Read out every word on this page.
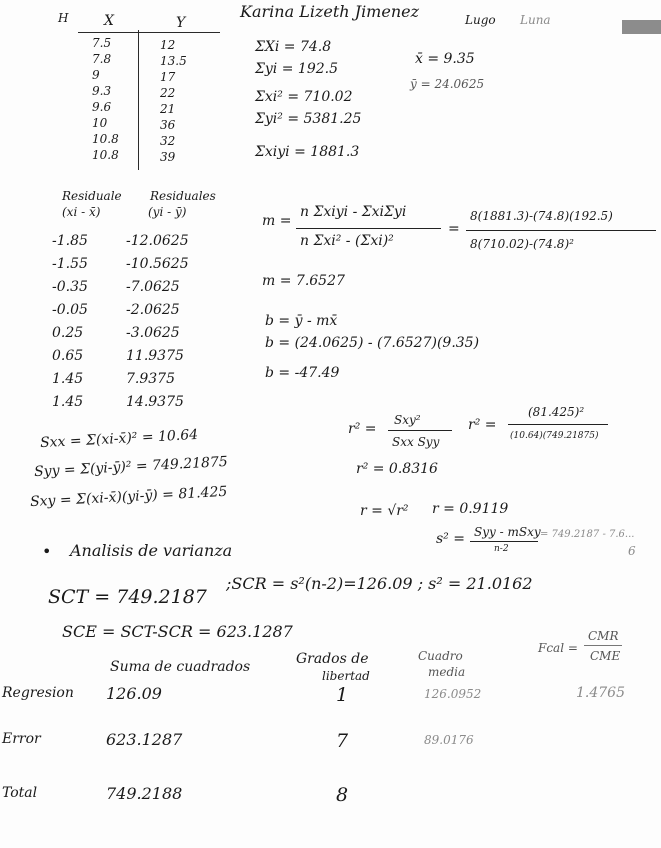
Karina Lizeth Jimenez	Lugo Luna
H	X	Y
7.5	12
7.8	13.5
9	17
9.3	22
9.6	21
10	36
10.8	32
10.8	39
ΣXi = 74.8
Σyi = 192.5
Σxi² = 710.02
Σyi² = 5381.25
Σxiyi = 1881.3
x̄ = 9.35
ȳ = 24.0625
Residuale
(xi - x̄)
Residuales
(yi - ȳ)
-1.85	-12.0625
-1.55	-10.5625
-0.35	-7.0625
-0.05	-2.0625
0.25	-3.0625
0.65	11.9375
1.45	7.9375
1.45	14.9375
m =
n Σxiyi - ΣxiΣyi
n Σxi² - (Σxi)²
=
8(1881.3)-(74.8)(192.5)
8(710.02)-(74.8)²
m = 7.6527
b = ȳ - mx̄
b = (24.0625) - (7.6527)(9.35)
b = -47.49
Sxx = Σ(xi-x̄)² = 10.64
Syy = Σ(yi-ȳ)² = 749.21875
Sxy = Σ(xi-x̄)(yi-ȳ) = 81.425
r² =
Sxy²
Sxx Syy
r² =
(81.425)²
(10.64)(749.21875)
r² = 0.8316
r = √r² r = 0.9119
s² = Syy - mSxy
n-2
= 749.2187 - 7.6...
6
• Analisis de varianza
SCT = 749.2187
;SCR = s²(n-2)=126.09 ; s² = 21.0162
SCE = SCT-SCR = 623.1287
Fcal =
CMR
CME
Suma de cuadrados	Grados de
libertad
Cuadro
media
Regresion 126.09	1	126.0952	1.4765
Error	623.1287	7	89.0176
Total	749.2188	8
